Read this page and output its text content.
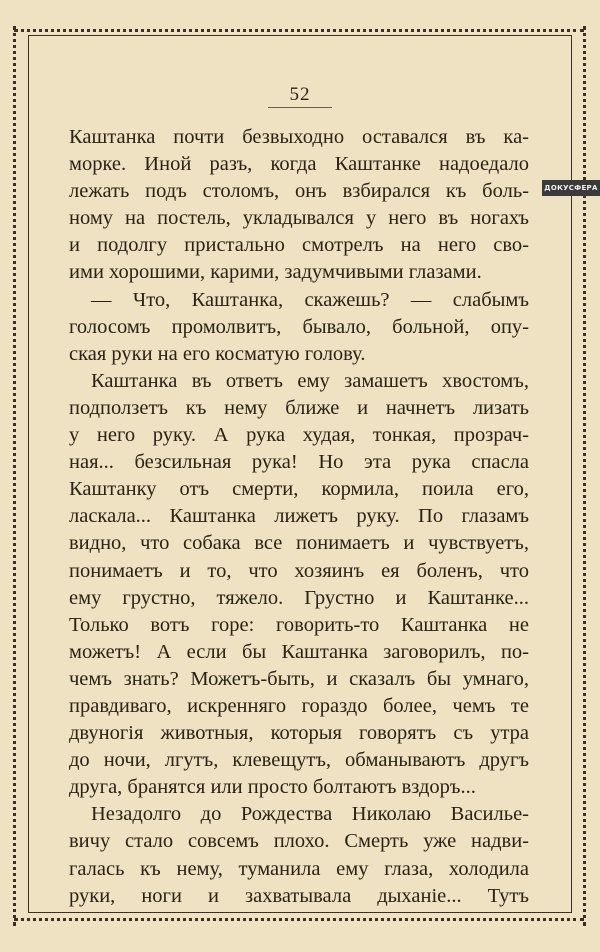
52
Каштанка почти безвыходно оставался въ ка-
морке. Иной разъ, когда Каштанке надоедало
лежать подъ столомъ, онъ взбирался къ боль-
ному на постель, укладывался у него въ ногахъ
и подолгу пристально смотрелъ на него сво-
ими хорошими, карими, задумчивыми глазами.
— Что, Каштанка, скажешь? — слабымъ
голосомъ промолвитъ, бывало, больной, опу-
ская руки на его косматую голову.
Каштанка въ ответъ ему замашетъ хвостомъ,
подползетъ къ нему ближе и начнетъ лизать
у него руку. А рука худая, тонкая, прозрач-
ная... безсильная рука! Но эта рука спасла
Каштанку отъ смерти, кормила, поила его,
ласкала... Каштанка лижетъ руку. По глазамъ
видно, что собака все понимаетъ и чувствуетъ,
понимаетъ и то, что хозяинъ ея боленъ, что
ему грустно, тяжело. Грустно и Каштанке...
Только вотъ горе: говорить-то Каштанка не
можетъ! А если бы Каштанка заговорилъ, по-
чемъ знать? Можетъ-быть, и сказалъ бы умнаго,
правдиваго, искренняго гораздо более, чемъ те
двуногія животныя, которыя говорятъ съ утра
до ночи, лгутъ, клевещутъ, обманываютъ другъ
друга, бранятся или просто болтаютъ вздоръ...
Незадолго до Рождества Николаю Василье-
вичу стало совсемъ плохо. Смерть уже надви-
галась къ нему, туманила ему глаза, холодила
руки, ноги и захватывала дыханіе... Тутъ
ДОКУСФЕРА
